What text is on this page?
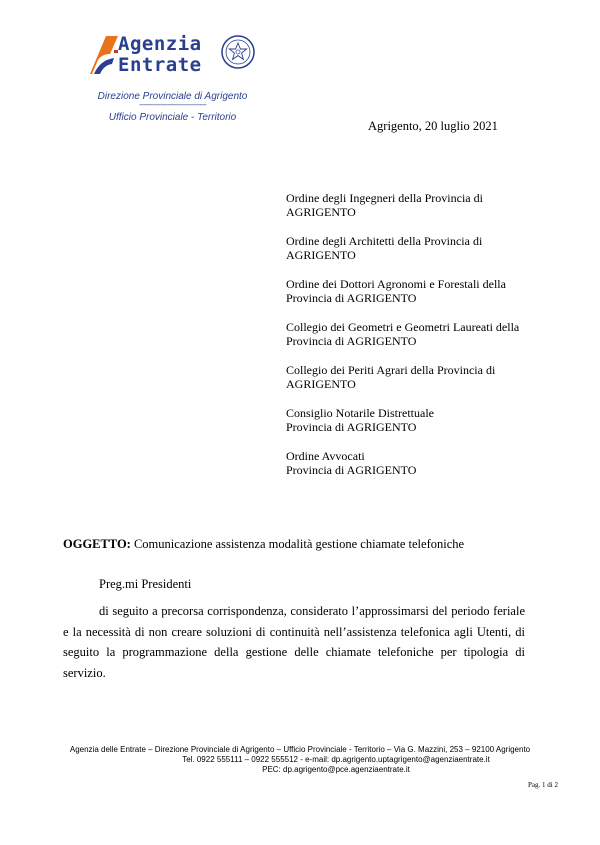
Agenzia
Entrate
Direzione Provinciale di Agrigento
-------------------------------
Ufficio Provinciale - Territorio
Agrigento, 20 luglio 2021
Ordine degli Ingegneri della Provincia di
AGRIGENTO
Ordine degli Architetti della Provincia di
AGRIGENTO
Ordine dei Dottori Agronomi e Forestali della
Provincia di AGRIGENTO
Collegio dei Geometri e Geometri Laureati della
Provincia di AGRIGENTO
Collegio dei Periti Agrari della Provincia di
AGRIGENTO
Consiglio Notarile Distrettuale
Provincia di AGRIGENTO
Ordine Avvocati
Provincia di AGRIGENTO
OGGETTO: Comunicazione assistenza modalità gestione chiamate telefoniche
Preg.mi Presidenti

di seguito a precorsa corrispondenza, considerato l’approssimarsi del periodo feriale e la necessità di non creare soluzioni di continuità nell’assistenza telefonica agli Utenti, di seguito la programmazione della gestione delle chiamate telefoniche per tipologia di servizio.

Agenzia delle Entrate – Direzione Provinciale di Agrigento – Ufficio Provinciale - Territorio – Via G. Mazzini, 253 – 92100 Agrigento
Tel. 0922 555111 – 0922 555512 - e-mail: dp.agrigento.uptagrigento@agenziaentrate.it
PEC: dp.agrigento@pce.agenziaentrate.it
Pag. 1 di 2
